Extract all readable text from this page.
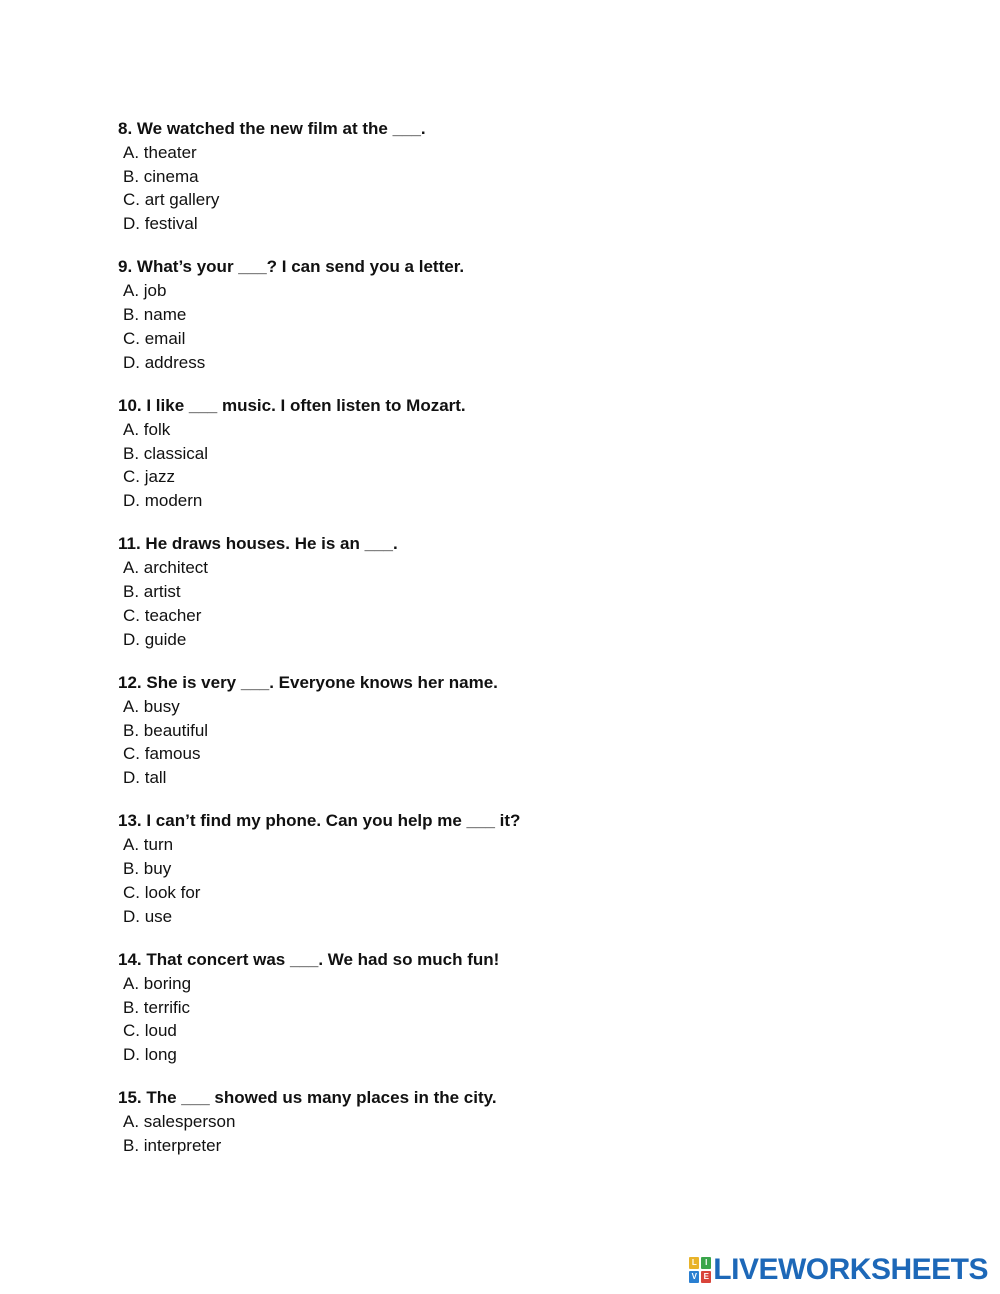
8. We watched the new film at the ___.
A. theater
B. cinema
C. art gallery
D. festival
9. What’s your ___? I can send you a letter.
A. job
B. name
C. email
D. address
10. I like ___ music. I often listen to Mozart.
A. folk
B. classical
C. jazz
D. modern
11. He draws houses. He is an ___.
A. architect
B. artist
C. teacher
D. guide
12. She is very ___. Everyone knows her name.
A. busy
B. beautiful
C. famous
D. tall
13. I can’t find my phone. Can you help me ___ it?
A. turn
B. buy
C. look for
D. use
14. That concert was ___. We had so much fun!
A. boring
B. terrific
C. loud
D. long
15. The ___ showed us many places in the city.
A. salesperson
B. interpreter
L	I
V E LIVEWORKSHEETS
